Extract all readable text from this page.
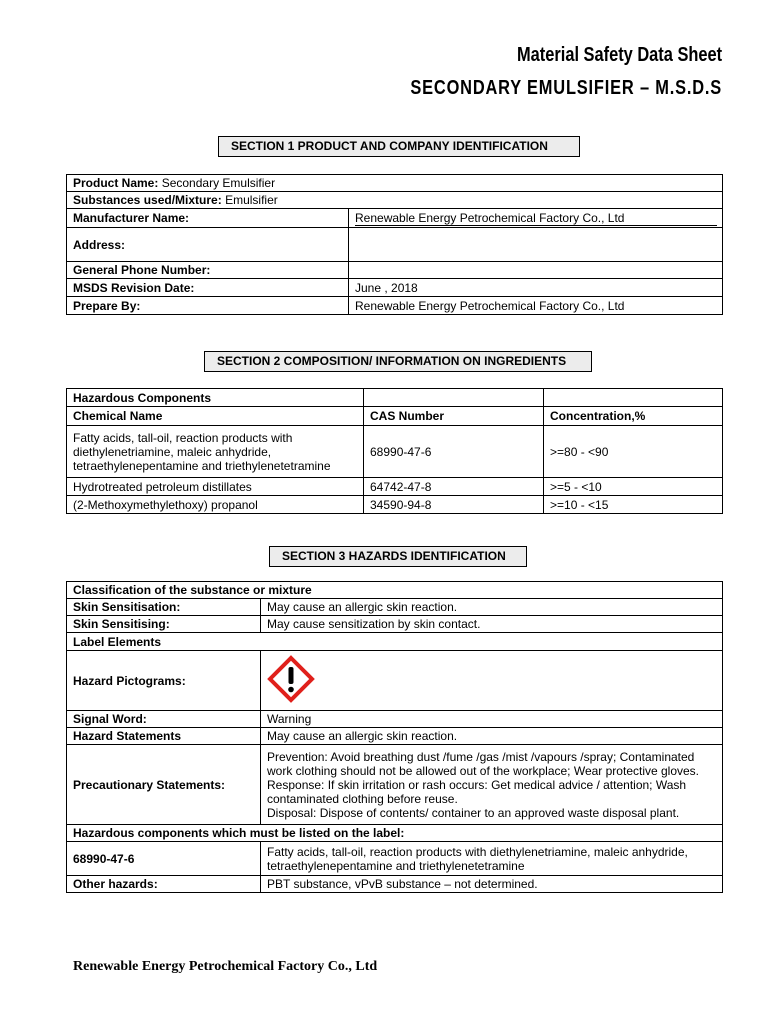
Material Safety Data Sheet
SECONDARY EMULSIFIER – M.S.D.S
SECTION 1 PRODUCT AND COMPANY IDENTIFICATION
Product Name: Secondary Emulsifier	
Substances used/Mixture: Emulsifier	
Manufacturer Name:	Renewable Energy Petrochemical Factory Co., Ltd
Address:	
General Phone Number:	
MSDS Revision Date:	June , 2018
Prepare By:	Renewable Energy Petrochemical Factory Co., Ltd
SECTION 2 COMPOSITION/ INFORMATION ON INGREDIENTS
Hazardous Components		
Chemical Name	CAS Number	Concentration,%
Fatty acids, tall-oil, reaction products with diethylenetriamine, maleic anhydride, tetraethylenepentamine and triethylenetetramine	68990-47-6	>=80 - <90
Hydrotreated petroleum distillates	64742-47-8	>=5 - <10
(2-Methoxymethylethoxy) propanol	34590-94-8	>=10 - <15
SECTION 3 HAZARDS IDENTIFICATION
Classification of the substance or mixture	
Skin Sensitisation:	May cause an allergic skin reaction.
Skin Sensitising:	May cause sensitization by skin contact.
Label Elements	
Hazard Pictograms:	
Signal Word:	Warning
Hazard Statements	May cause an allergic skin reaction.
Precautionary Statements:	Prevention: Avoid breathing dust /fume /gas /mist /vapours /spray; Contaminated work clothing should not be allowed out of the workplace; Wear protective gloves.
Response: If skin irritation or rash occurs: Get medical advice / attention; Wash contaminated clothing before reuse.
Disposal: Dispose of contents/ container to an approved waste disposal plant.

Hazardous components which must be listed on the label:	
68990-47-6	Fatty acids, tall-oil, reaction products with diethylenetriamine, maleic anhydride, tetraethylenepentamine and triethylenetetramine
Other hazards:	PBT substance, vPvB substance – not determined.
Renewable Energy Petrochemical Factory Co., Ltd
